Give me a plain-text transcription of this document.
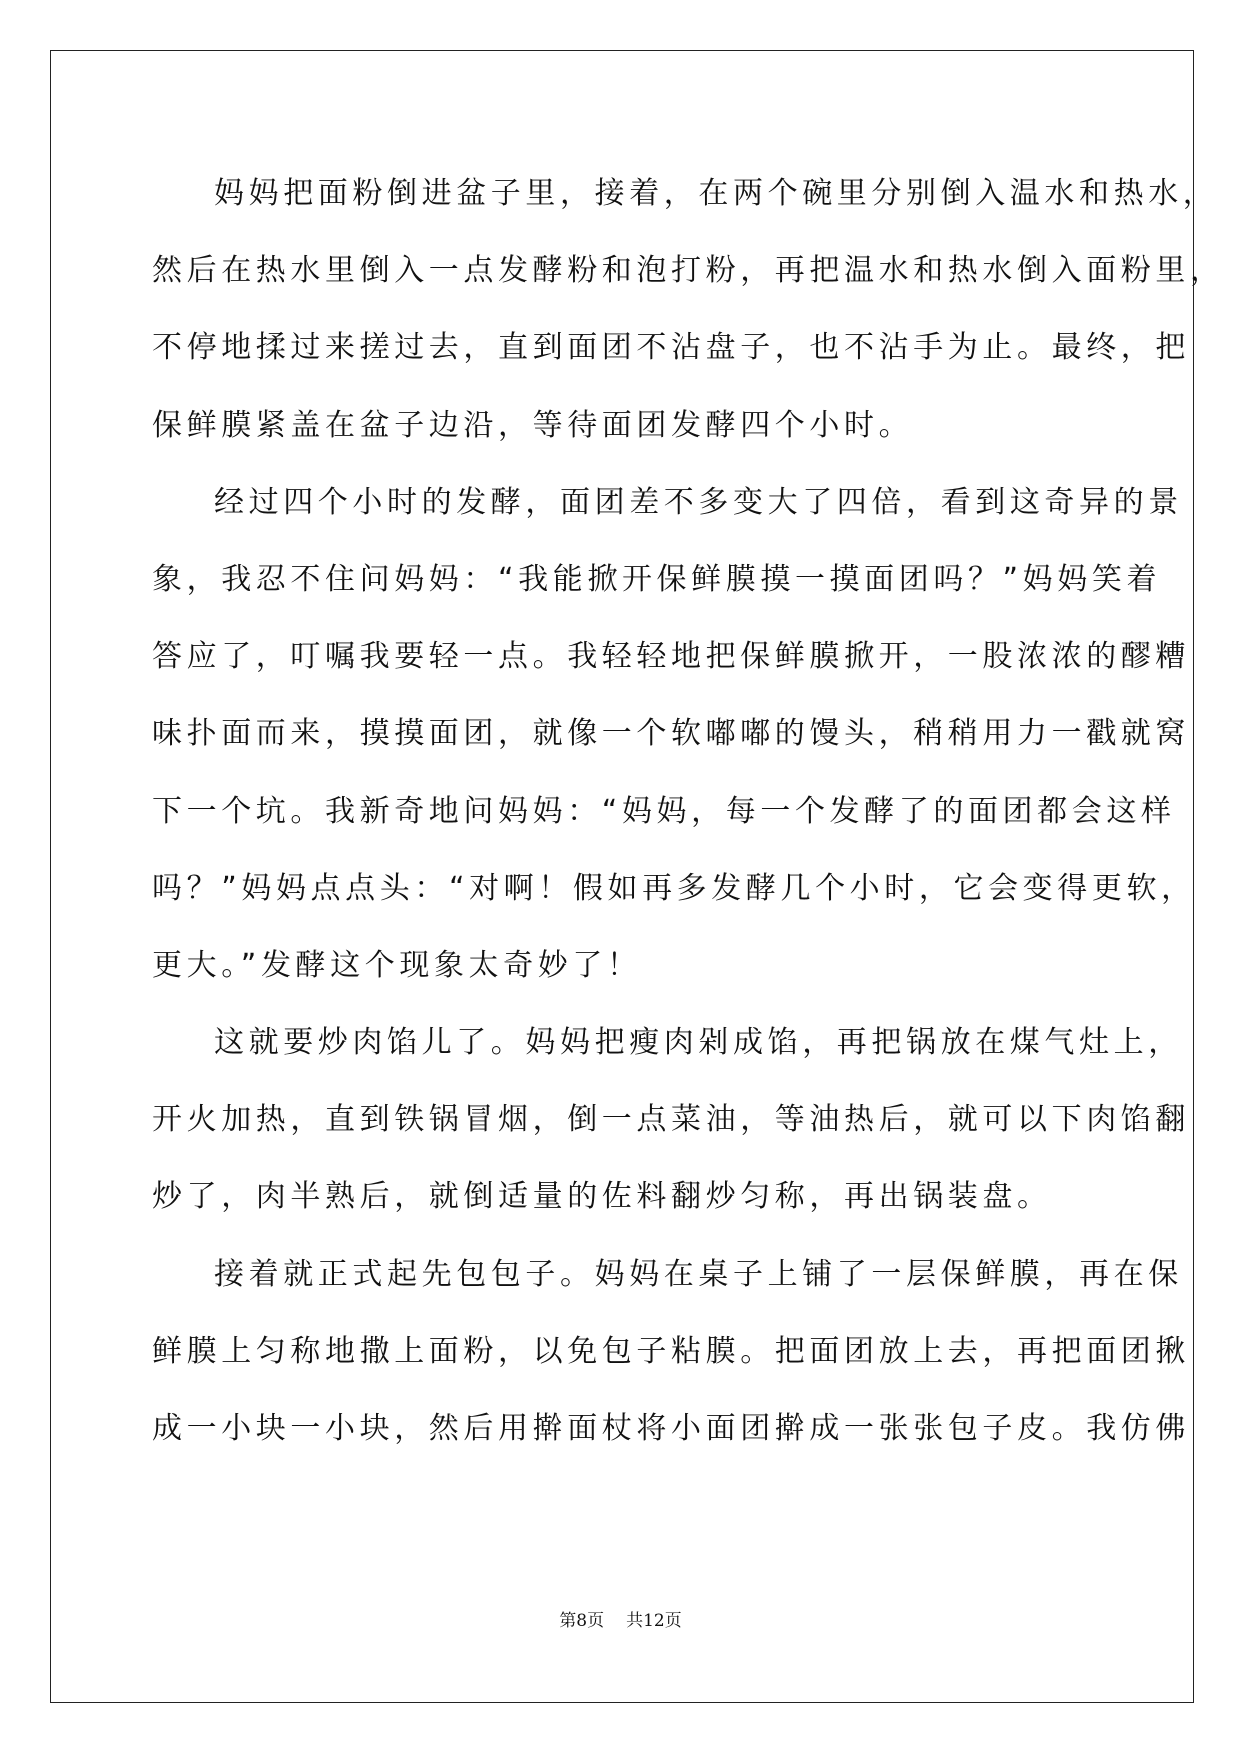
妈妈把面粉倒进盆子里，接着，在两个碗里分别倒入温水和热水，
然后在热水里倒入一点发酵粉和泡打粉，再把温水和热水倒入面粉里，
不停地揉过来搓过去，直到面团不沾盘子，也不沾手为止。最终，把
保鲜膜紧盖在盆子边沿，等待面团发酵四个小时。
经过四个小时的发酵，面团差不多变大了四倍，看到这奇异的景
象，我忍不住问妈妈：“我能掀开保鲜膜摸一摸面团吗？”妈妈笑着
答应了，叮嘱我要轻一点。我轻轻地把保鲜膜掀开，一股浓浓的醪糟
味扑面而来，摸摸面团，就像一个软嘟嘟的馒头，稍稍用力一戳就窝
下一个坑。我新奇地问妈妈：“妈妈，每一个发酵了的面团都会这样
吗？”妈妈点点头：“对啊！假如再多发酵几个小时，它会变得更软，
更大。”发酵这个现象太奇妙了！
这就要炒肉馅儿了。妈妈把瘦肉剁成馅，再把锅放在煤气灶上，
开火加热，直到铁锅冒烟，倒一点菜油，等油热后，就可以下肉馅翻
炒了，肉半熟后，就倒适量的佐料翻炒匀称，再出锅装盘。
接着就正式起先包包子。妈妈在桌子上铺了一层保鲜膜，再在保
鲜膜上匀称地撒上面粉，以免包子粘膜。把面团放上去，再把面团揪
成一小块一小块，然后用擀面杖将小面团擀成一张张包子皮。我仿佛
第8页 共12页
